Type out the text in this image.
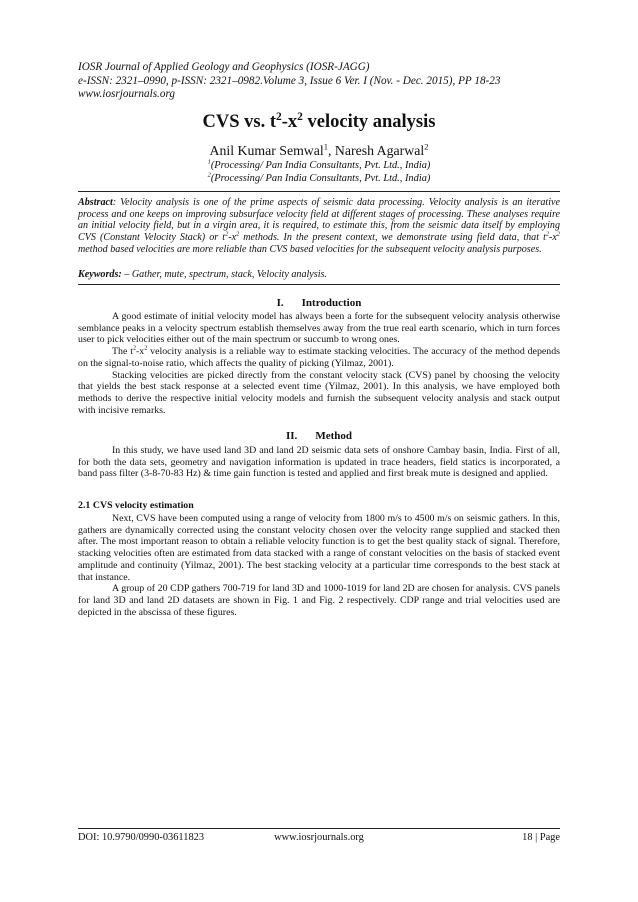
IOSR Journal of Applied Geology and Geophysics (IOSR-JAGG)
e-ISSN: 2321–0990, p-ISSN: 2321–0982.Volume 3, Issue 6 Ver. I (Nov. - Dec. 2015), PP 18-23
www.iosrjournals.org
CVS vs. $t^2-x^2$ velocity analysis
Anil Kumar Semwal$^1$, Naresh Agarwal$^2$
$^1$(Processing/ Pan India Consultants, Pvt. Ltd., India)
$^2$(Processing/ Pan India Consultants, Pvt. Ltd., India)
Abstract: Velocity analysis is one of the prime aspects of seismic data processing. Velocity analysis is an iterative process and one keeps on improving subsurface velocity field at different stages of processing. These analyses require an initial velocity field, but in a virgin area, it is required, to estimate this, from the seismic data itself by employing CVS (Constant Velocity Stack) or $t^2-x^2$ methods. In the present context, we demonstrate using field data, that $t^2-x^2$ method based velocities are more reliable than CVS based velocities for the subsequent velocity analysis purposes.
Keywords: – Gather, mute, spectrum, stack, Velocity analysis.
I. Introduction

A good estimate of initial velocity model has always been a forte for the subsequent velocity analysis otherwise semblance peaks in a velocity spectrum establish themselves away from the true real earth scenario, which in turn forces user to pick velocities either out of the main spectrum or succumb to wrong ones.

The $t^2-x^2$ velocity analysis is a reliable way to estimate stacking velocities. The accuracy of the method depends on the signal-to-noise ratio, which affects the quality of picking (Yilmaz, 2001).

Stacking velocities are picked directly from the constant velocity stack (CVS) panel by choosing the velocity that yields the best stack response at a selected event time (Yilmaz, 2001). In this analysis, we have employed both methods to derive the respective initial velocity models and furnish the subsequent velocity analysis and stack output with incisive remarks.

II. Method

In this study, we have used land 3D and land 2D seismic data sets of onshore Cambay basin, India. First of all, for both the data sets, geometry and navigation information is updated in trace headers, field statics is incorporated, a band pass filter (3-8-70-83 Hz) & time gain function is tested and applied and first break mute is designed and applied.

2.1 CVS velocity estimation

Next, CVS have been computed using a range of velocity from 1800 m/s to 4500 m/s on seismic gathers. In this, gathers are dynamically corrected using the constant velocity chosen over the velocity range supplied and stacked then after. The most important reason to obtain a reliable velocity function is to get the best quality stack of signal. Therefore, stacking velocities often are estimated from data stacked with a range of constant velocities on the basis of stacked event amplitude and continuity (Yilmaz, 2001). The best stacking velocity at a particular time corresponds to the best stack at that instance.

A group of 20 CDP gathers 700-719 for land 3D and 1000-1019 for land 2D are chosen for analysis. CVS panels for land 3D and land 2D datasets are shown in Fig. 1 and Fig. 2 respectively. CDP range and trial velocities used are depicted in the abscissa of these figures.

DOI: 10.9790/0990-03611823	www.iosrjournals.org	18 | Page
